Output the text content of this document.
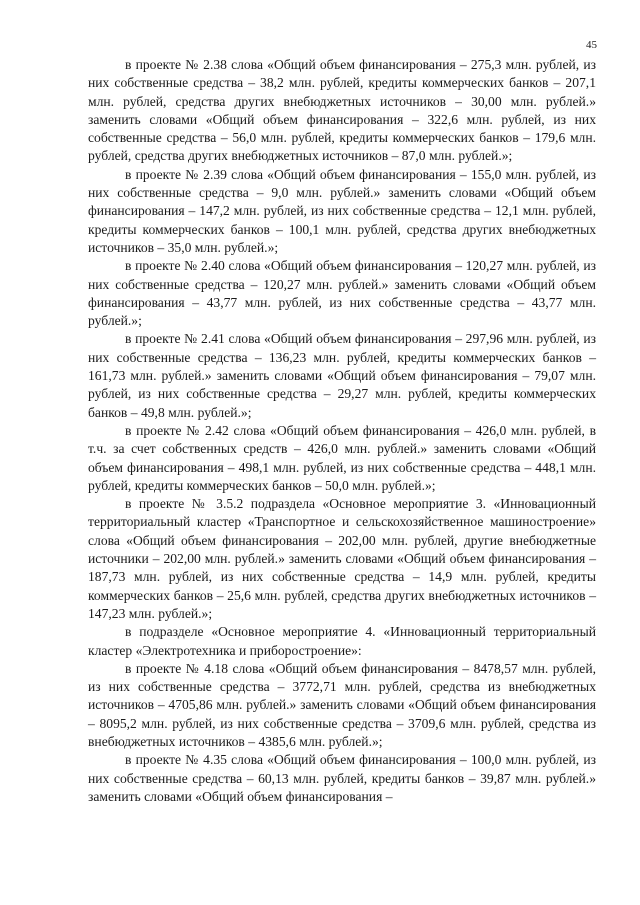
45

в проекте № 2.38 слова «Общий объем финансирования – 275,3 млн. рублей, из них собственные средства – 38,2 млн. рублей, кредиты коммерческих банков – 207,1 млн. рублей, средства других внебюджетных источников – 30,00 млн. рублей.» заменить словами «Общий объем финансирования – 322,6 млн. рублей, из них собственные средства – 56,0 млн. рублей, кредиты коммерческих банков – 179,6 млн. рублей, средства других внебюджетных источников – 87,0 млн. рублей.»;

в проекте № 2.39 слова «Общий объем финансирования – 155,0 млн. рублей, из них собственные средства – 9,0 млн. рублей.» заменить словами «Общий объем финансирования – 147,2 млн. рублей, из них собственные средства – 12,1 млн. рублей, кредиты коммерческих банков – 100,1 млн. рублей, средства других внебюджетных источников – 35,0 млн. рублей.»;

в проекте № 2.40 слова «Общий объем финансирования – 120,27 млн. рублей, из них собственные средства – 120,27 млн. рублей.» заменить словами «Общий объем финансирования – 43,77 млн. рублей, из них собственные средства – 43,77 млн. рублей.»;

в проекте № 2.41 слова «Общий объем финансирования – 297,96 млн. рублей, из них собственные средства – 136,23 млн. рублей, кредиты коммерческих банков – 161,73 млн. рублей.» заменить словами «Общий объем финансирования – 79,07 млн. рублей, из них собственные средства – 29,27 млн. рублей, кредиты коммерческих банков – 49,8 млн. рублей.»;

в проекте № 2.42 слова «Общий объем финансирования – 426,0 млн. рублей, в т.ч. за счет собственных средств – 426,0 млн. рублей.» заменить словами «Общий объем финансирования – 498,1 млн. рублей, из них собственные средства – 448,1 млн. рублей, кредиты коммерческих банков – 50,0 млн. рублей.»;

в проекте № 3.5.2 подраздела «Основное мероприятие 3. «Инновационный территориальный кластер «Транспортное и сельскохозяйственное машиностроение» слова «Общий объем финансирования – 202,00 млн. рублей, другие внебюджетные источники – 202,00 млн. рублей.» заменить словами «Общий объем финансирования – 187,73 млн. рублей, из них собственные средства – 14,9 млн. рублей, кредиты коммерческих банков – 25,6 млн. рублей, средства других внебюджетных источников – 147,23 млн. рублей.»;

в подразделе «Основное мероприятие 4. «Инновационный территориальный кластер «Электротехника и приборостроение»:

в проекте № 4.18 слова «Общий объем финансирования – 8478,57 млн. рублей, из них собственные средства – 3772,71 млн. рублей, средства из внебюджетных источников – 4705,86 млн. рублей.» заменить словами «Общий объем финансирования – 8095,2 млн. рублей, из них собственные средства – 3709,6 млн. рублей, средства из внебюджетных источников – 4385,6 млн. рублей.»;

в проекте № 4.35 слова «Общий объем финансирования – 100,0 млн. рублей, из них собственные средства – 60,13 млн. рублей, кредиты банков – 39,87 млн. рублей.» заменить словами «Общий объем финансирования –
